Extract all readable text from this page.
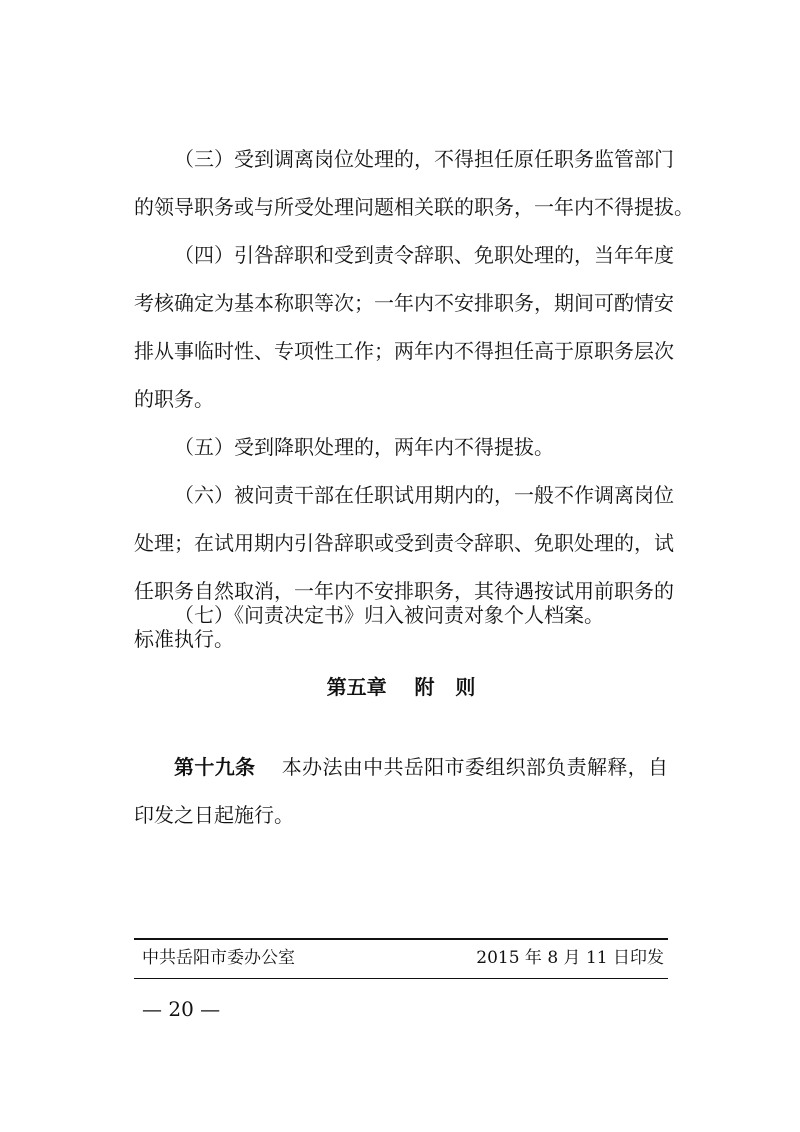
（三）受到调离岗位处理的，不得担任原任职务监管部门

的领导职务或与所受处理问题相关联的职务，一年内不得提拔。

（四）引咎辞职和受到责令辞职、免职处理的，当年年度

考核确定为基本称职等次；一年内不安排职务，期间可酌情安

排从事临时性、专项性工作；两年内不得担任高于原职务层次

的职务。

（五）受到降职处理的，两年内不得提拔。

（六）被问责干部在任职试用期内的，一般不作调离岗位

处理；在试用期内引咎辞职或受到责令辞职、免职处理的，试

任职务自然取消，一年内不安排职务，其待遇按试用前职务的

标准执行。

（七）《问责决定书》归入被问责对象个人档案。

第五章    附   则

第十九条 本办法由中共岳阳市委组织部负责解释，自

印发之日起施行。

中共岳阳市委办公室	2015 年 8 月 11 日印发
— 20 —
